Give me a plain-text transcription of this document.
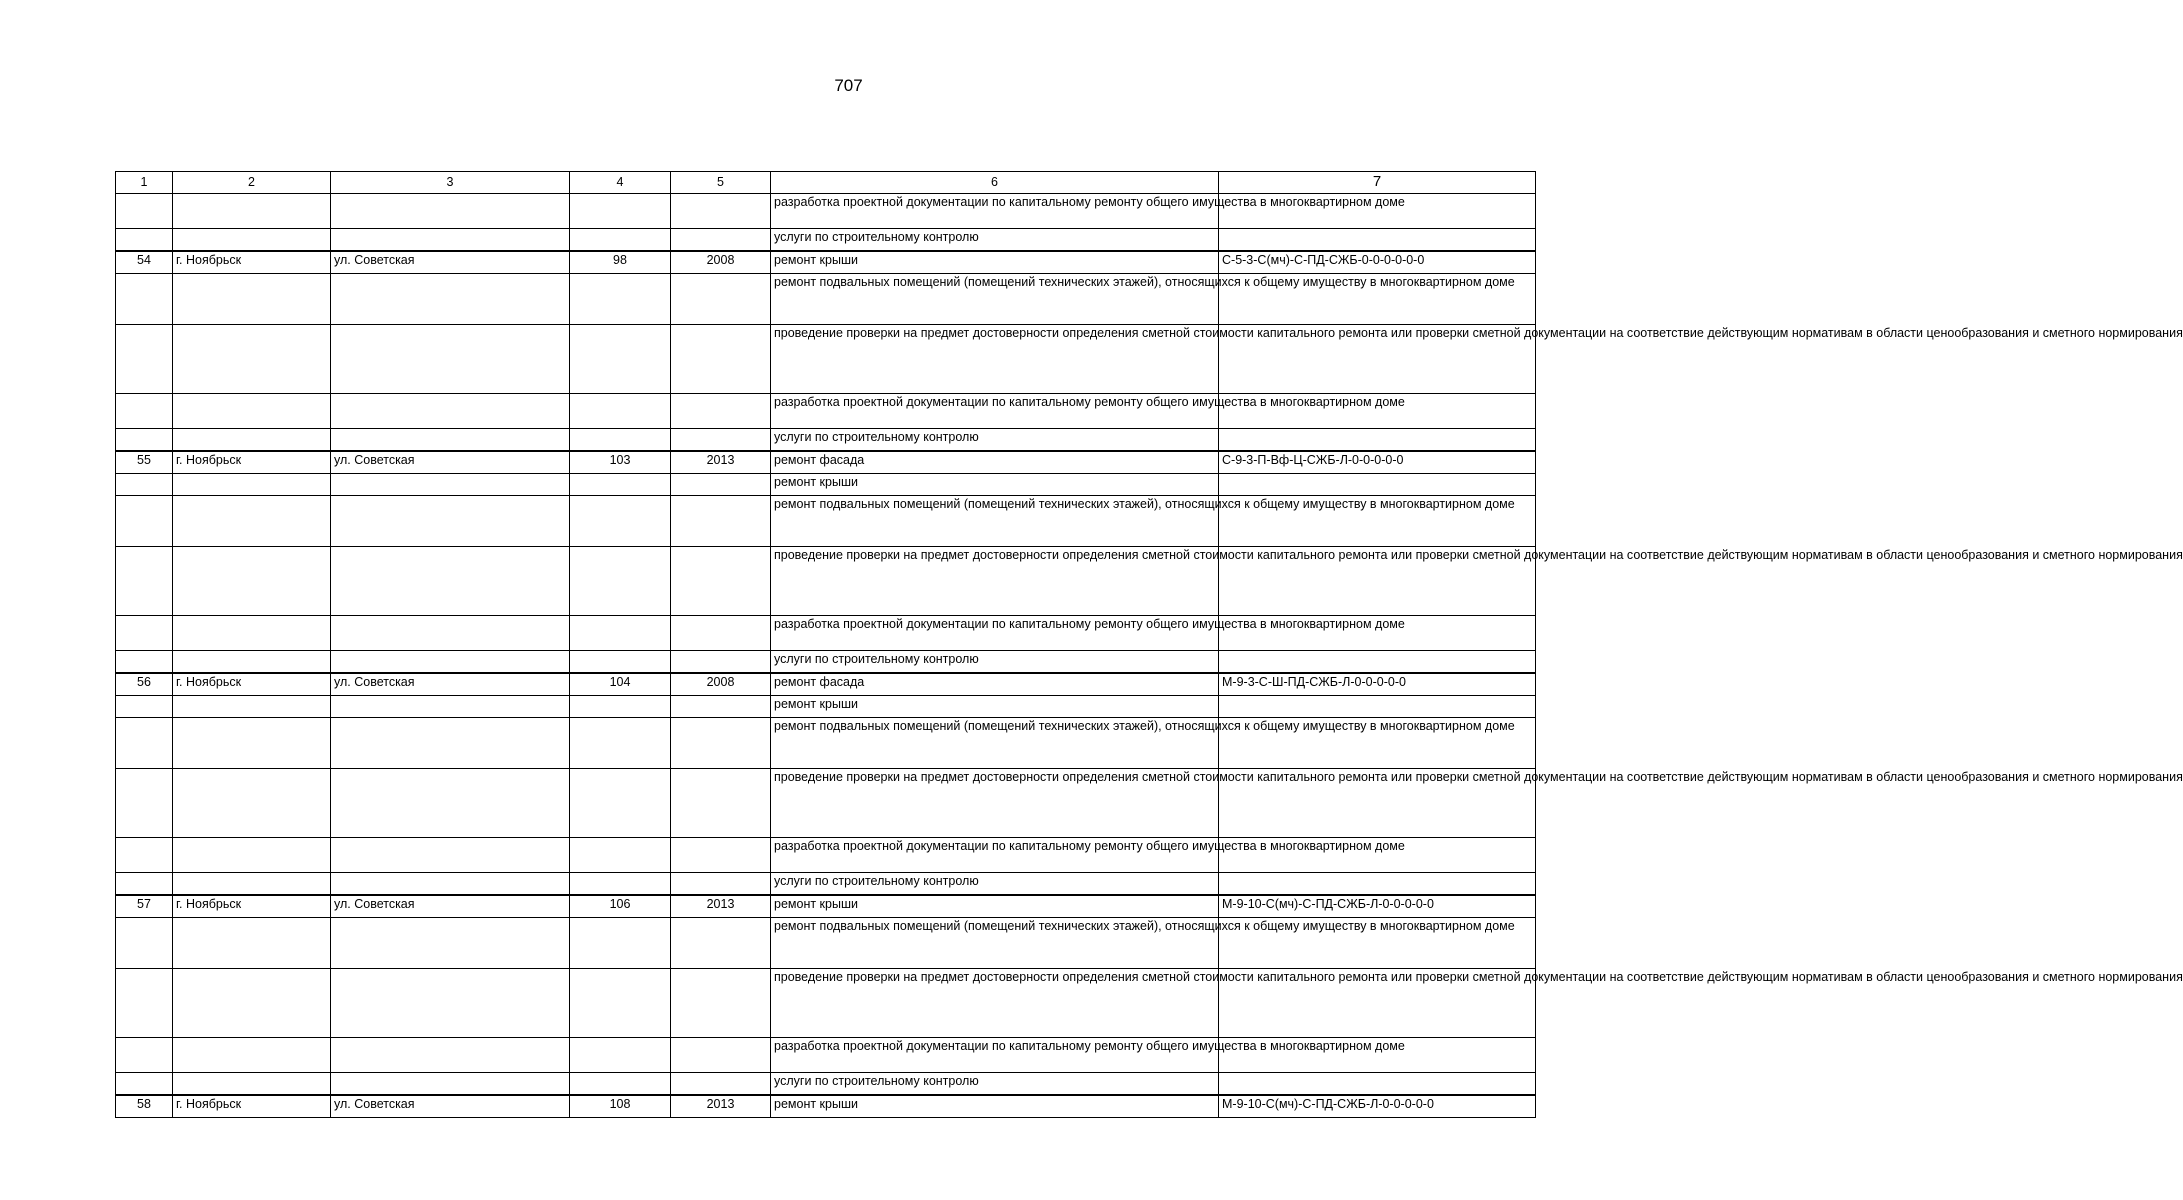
707
1	2	3	4	5	6	7
					разработка проектной документации по капитальному ремонту общего имущества в многоквартирном доме	
					услуги по строительному контролю	
54	г. Ноябрьск	ул. Советская	98	2008	ремонт крыши	С-5-3-С(мч)-С-ПД-СЖБ-0-0-0-0-0-0
					ремонт подвальных помещений (помещений технических этажей), относящихся к общему имуществу в многоквартирном доме	
					проведение проверки на предмет достоверности определения сметной стоимости капитального ремонта или проверки сметной документации на соответствие действующим нормативам в области ценообразования и сметного нормирования	
					разработка проектной документации по капитальному ремонту общего имущества в многоквартирном доме	
					услуги по строительному контролю	
55	г. Ноябрьск	ул. Советская	103	2013	ремонт фасада	С-9-3-П-Вф-Ц-СЖБ-Л-0-0-0-0-0
					ремонт крыши	
					ремонт подвальных помещений (помещений технических этажей), относящихся к общему имуществу в многоквартирном доме	
					проведение проверки на предмет достоверности определения сметной стоимости капитального ремонта или проверки сметной документации на соответствие действующим нормативам в области ценообразования и сметного нормирования	
					разработка проектной документации по капитальному ремонту общего имущества в многоквартирном доме	
					услуги по строительному контролю	
56	г. Ноябрьск	ул. Советская	104	2008	ремонт фасада	М-9-3-С-Ш-ПД-СЖБ-Л-0-0-0-0-0
					ремонт крыши	
					ремонт подвальных помещений (помещений технических этажей), относящихся к общему имуществу в многоквартирном доме	
					проведение проверки на предмет достоверности определения сметной стоимости капитального ремонта или проверки сметной документации на соответствие действующим нормативам в области ценообразования и сметного нормирования	
					разработка проектной документации по капитальному ремонту общего имущества в многоквартирном доме	
					услуги по строительному контролю	
57	г. Ноябрьск	ул. Советская	106	2013	ремонт крыши	М-9-10-С(мч)-С-ПД-СЖБ-Л-0-0-0-0-0
					ремонт подвальных помещений (помещений технических этажей), относящихся к общему имуществу в многоквартирном доме	
					проведение проверки на предмет достоверности определения сметной стоимости капитального ремонта или проверки сметной документации на соответствие действующим нормативам в области ценообразования и сметного нормирования	
					разработка проектной документации по капитальному ремонту общего имущества в многоквартирном доме	
					услуги по строительному контролю	
58	г. Ноябрьск	ул. Советская	108	2013	ремонт крыши	М-9-10-С(мч)-С-ПД-СЖБ-Л-0-0-0-0-0
